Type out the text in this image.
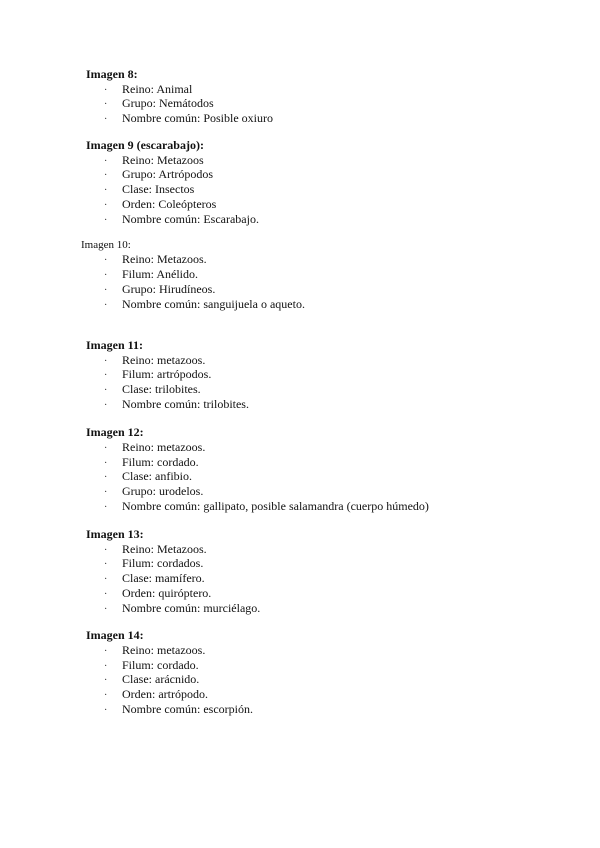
Imagen 8:
· Reino: Animal
· Grupo: Nemátodos
· Nombre común: Posible oxiuro
Imagen 9 (escarabajo):
· Reino: Metazoos
· Grupo: Artrópodos
· Clase: Insectos
· Orden: Coleópteros
· Nombre común: Escarabajo.
Imagen 10:
· Reino: Metazoos.
· Filum: Anélido.
· Grupo: Hirudíneos.
· Nombre común: sanguijuela o aqueto.
Imagen 11:
· Reino: metazoos.
· Filum: artrópodos.
· Clase: trilobites.
· Nombre común: trilobites.
Imagen 12:
· Reino: metazoos.
· Filum: cordado.
· Clase: anfibio.
· Grupo: urodelos.
· Nombre común: gallipato, posible salamandra (cuerpo húmedo)
Imagen 13:
· Reino: Metazoos.
· Filum: cordados.
· Clase: mamífero.
· Orden: quiróptero.
· Nombre común: murciélago.
Imagen 14:
· Reino: metazoos.
· Filum: cordado.
· Clase: arácnido.
· Orden: artrópodo.
· Nombre común: escorpión.
